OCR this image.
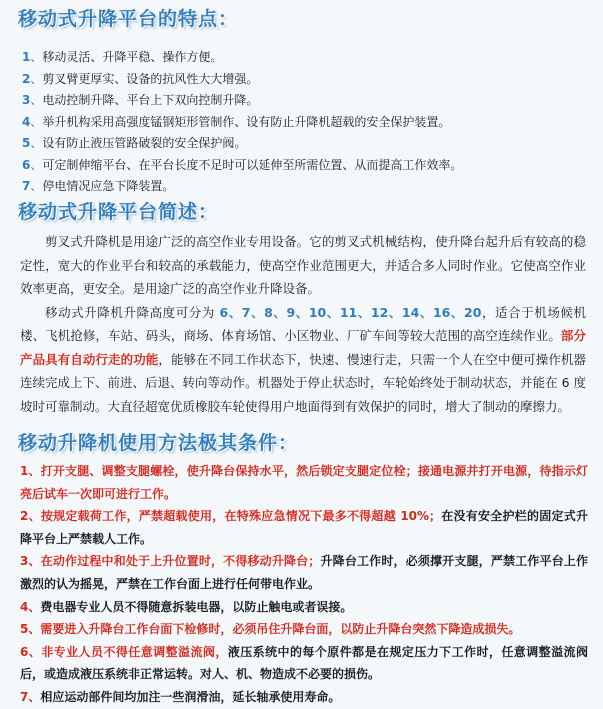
移动式升降平台的特点：
1、移动灵活、升降平稳、操作方便。
2、剪叉臂更厚实、设备的抗风性大大增强。
3、电动控制升降、平台上下双向控制升降。
4、举升机构采用高强度锰钢矩形管制作、设有防止升降机超载的安全保护装置。
5、设有防止液压管路破裂的安全保护阀。
6、可定制伸缩平台、在平台长度不足时可以延伸至所需位置、从而提高工作效率。
7、停电情况应急下降装置。
移动式升降平台简述：

剪叉式升降机是用途广泛的高空作业专用设备。它的剪叉式机械结构，使升降台起升后有较高的稳定性，宽大的作业平台和较高的承载能力，使高空作业范围更大，并适合多人同时作业。它使高空作业效率更高，更安全。是用途广泛的高空作业升降设备。

移动式升降机升降高度可分为 6、7、8、9、10、11、12、14、16、20，适合于机场候机楼、飞机抢修，车站、码头，商场、体育场馆、小区物业、厂矿车间等较大范围的高空连续作业。部分产品具有自动行走的功能，能够在不同工作状态下，快速、慢速行走，只需一个人在空中便可操作机器连续完成上下、前进、后退、转向等动作。机器处于停止状态时，车轮始终处于制动状态，并能在 6 度坡时可靠制动。大直径超宽优质橡胶车轮使得用户地面得到有效保护的同时，增大了制动的摩擦力。

移动升降机使用方法极其条件：

1、打开支腿、调整支腿螺栓，使升降台保持水平，然后锁定支腿定位栓；接通电源并打开电源，待指示灯亮后试车一次即可进行工作。

2、按规定载荷工作，严禁超载使用，在特殊应急情况下最多不得超越 10%；在没有安全护栏的固定式升降平台上严禁载人工作。

3、在动作过程中和处于上升位置时，不得移动升降台；升降台工作时，必须撑开支腿，严禁工作平台上作激烈的认为摇晃，严禁在工作台面上进行任何带电作业。

4、费电器专业人员不得随意拆装电器，以防止触电或者误接。

5、需要进入升降台工作台面下检修时，必须吊住升降台面，以防止升降台突然下降造成损失。

6、非专业人员不得任意调整溢流阀，液压系统中的每个原件都是在规定压力下工作时，任意调整溢流阀后，或造成液压系统非正常运转。对人、机、物造成不必要的损伤。

7、相应运动部件间均加注一些润滑油，延长轴承使用寿命。
